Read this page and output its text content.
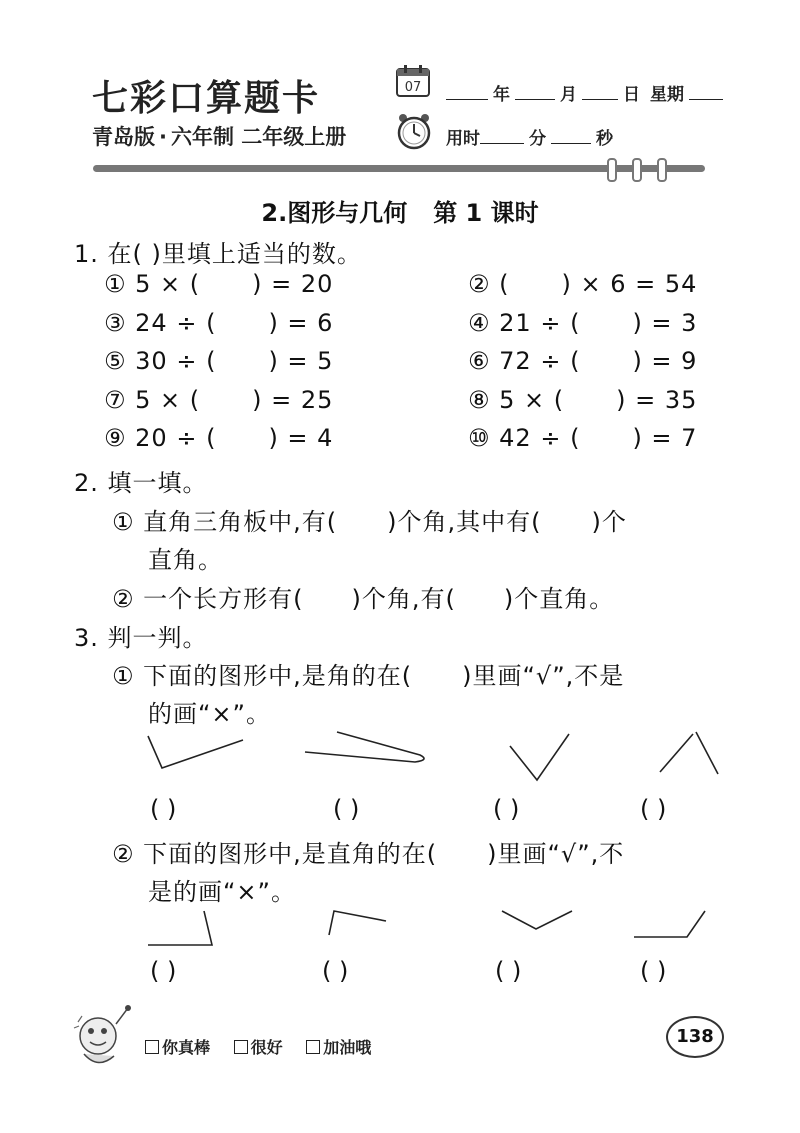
七彩口算题卡
青岛版 · 六年制 二年级上册
07	年	月	日 星期
用时	分	秒
2.图形与几何 第 1 课时
1. 在( )里填上适当的数。
① 5 × ( ) = 20	② ( ) × 6 = 54
③ 24 ÷ ( ) = 6	④ 21 ÷ ( ) = 3
⑤ 30 ÷ ( ) = 5	⑥ 72 ÷ ( ) = 9
⑦ 5 × ( ) = 25	⑧ 5 × ( ) = 35
⑨ 20 ÷ ( ) = 4	⑩ 42 ÷ ( ) = 7
2. 填一填。
① 直角三角板中,有( )个角,其中有( )个
直角。
② 一个长方形有( )个角,有( )个直角。
3. 判一判。
① 下面的图形中,是角的在( )里画“√”,不是
的画“×”。
( )	( )	( )	( )
② 下面的图形中,是直角的在( )里画“√”,不
是的画“×”。
( )	( )	( )	( )
你真棒	很好	加油哦
138
